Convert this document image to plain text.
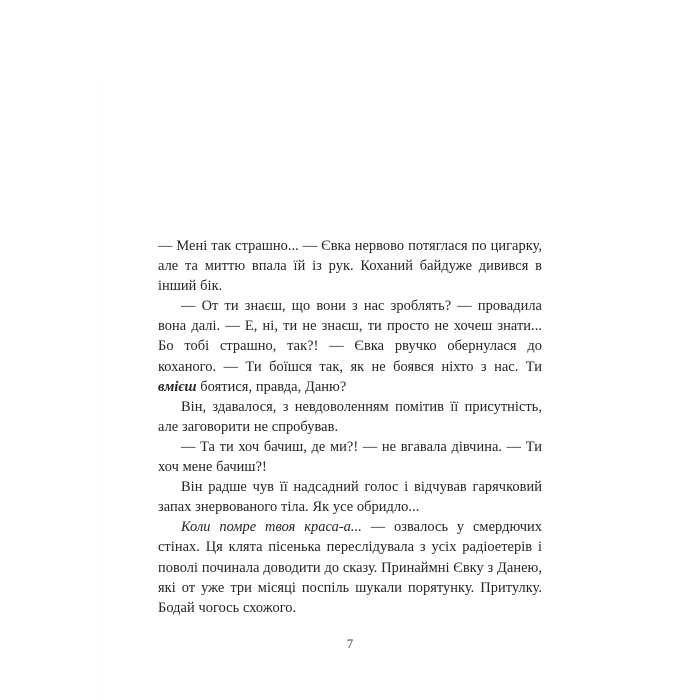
— Мені так страшно... — Євка нервово потяглася по цигарку, але та миттю впала їй із рук. Коханий байдуже дивився в інший бік.

— От ти знаєш, що вони з нас зроблять? — провадила вона далі. — Е, ні, ти не знаєш, ти просто не хочеш знати... Бо тобі страшно, так?! — Євка рвучко обернулася до коханого. — Ти боїшся так, як не боявся ніхто з нас. Ти вмієш боятися, правда, Даню?

Він, здавалося, з невдоволенням помітив її присутність, але заговорити не спробував.

— Та ти хоч бачиш, де ми?! — не вгавала дівчина. — Ти хоч мене бачиш?!

Він радше чув її надсадний голос і відчував гарячковий запах знервованого тіла. Як усе обридло...

Коли помре твоя краса-а... — озвалось у смердючих стінах. Ця клята пісенька переслідувала з усіх радіоетерів і поволі починала доводити до сказу. Принаймні Євку з Данею, які от уже три місяці поспіль шукали порятунку. Притулку. Бодай чогось схожого.

7
